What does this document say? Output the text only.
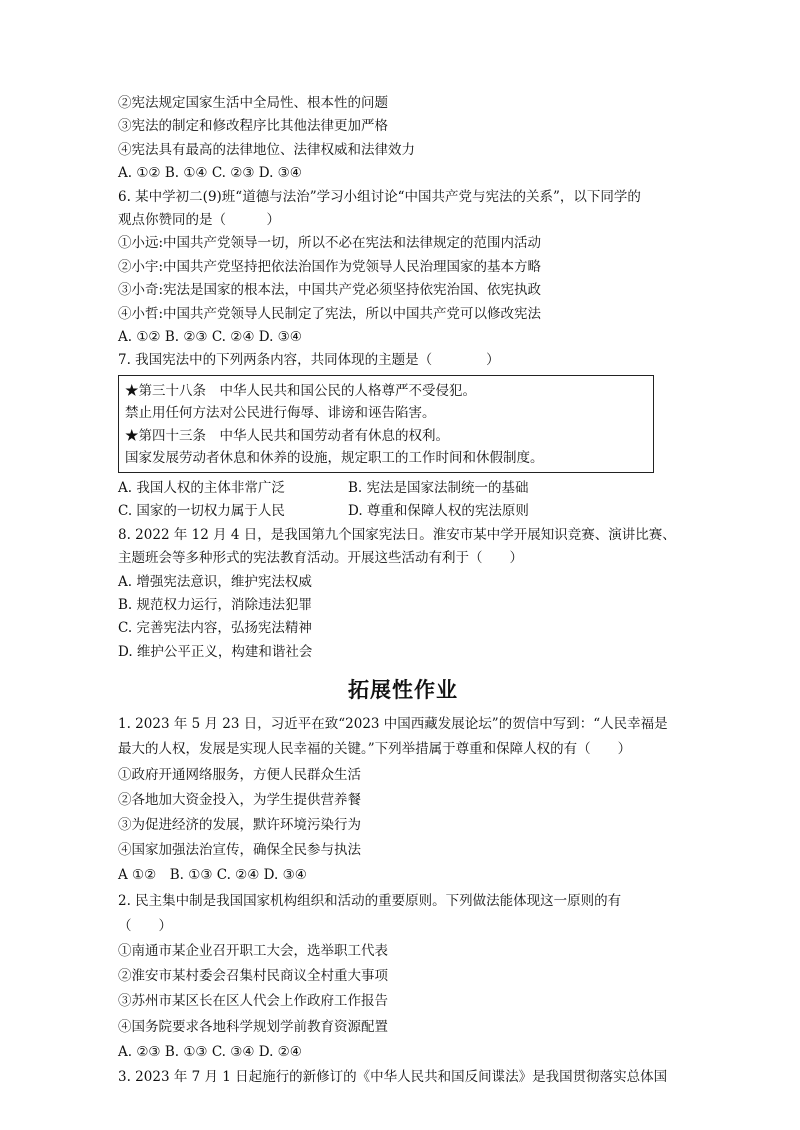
②宪法规定国家生活中全局性、根本性的问题
③宪法的制定和修改程序比其他法律更加严格
④宪法具有最高的法律地位、法律权威和法律效力
A. ①② B. ①④ C. ②③ D. ③④
6. 某中学初二(9)班“道德与法治”学习小组讨论“中国共产党与宪法的关系”，以下同学的
观点你赞同的是（　　　）
①小远:中国共产党领导一切，所以不必在宪法和法律规定的范围内活动
②小宇:中国共产党坚持把依法治国作为党领导人民治理国家的基本方略
③小奇:宪法是国家的根本法，中国共产党必须坚持依宪治国、依宪执政
④小哲:中国共产党领导人民制定了宪法，所以中国共产党可以修改宪法
A. ①② B. ②③ C. ②④ D. ③④
7. 我国宪法中的下列两条内容，共同体现的主题是（　　　　）
★第三十八条　中华人民共和国公民的人格尊严不受侵犯。
禁止用任何方法对公民进行侮辱、诽谤和诬告陷害。
★第四十三条　中华人民共和国劳动者有休息的权利。
国家发展劳动者休息和休养的设施，规定职工的工作时间和休假制度。
A. 我国人权的主体非常广泛	B. 宪法是国家法制统一的基础
C. 国家的一切权力属于人民	D. 尊重和保障人权的宪法原则
8. 2022 年 12 月 4 日，是我国第九个国家宪法日。淮安市某中学开展知识竞赛、演讲比赛、
主题班会等多种形式的宪法教育活动。开展这些活动有利于（　　）
A. 增强宪法意识，维护宪法权威
B. 规范权力运行，消除违法犯罪
C. 完善宪法内容，弘扬宪法精神
D. 维护公平正义，构建和谐社会
拓展性作业
1. 2023 年 5 月 23 日，习近平在致“2023 中国西藏发展论坛”的贺信中写到：“人民幸福是
最大的人权，发展是实现人民幸福的关键。”下列举措属于尊重和保障人权的有（　　）
①政府开通网络服务，方便人民群众生活
②各地加大资金投入，为学生提供营养餐
③为促进经济的发展，默许环境污染行为
④国家加强法治宣传，确保全民参与执法
A ①②　B. ①③ C. ②④ D. ③④
2. 民主集中制是我国国家机构组织和活动的重要原则。下列做法能体现这一原则的有
（　　）
①南通市某企业召开职工大会，选举职工代表
②淮安市某村委会召集村民商议全村重大事项
③苏州市某区长在区人代会上作政府工作报告
④国务院要求各地科学规划学前教育资源配置
A. ②③ B. ①③ C. ③④ D. ②④
3. 2023 年 7 月 1 日起施行的新修订的《中华人民共和国反间谍法》是我国贯彻落实总体国
